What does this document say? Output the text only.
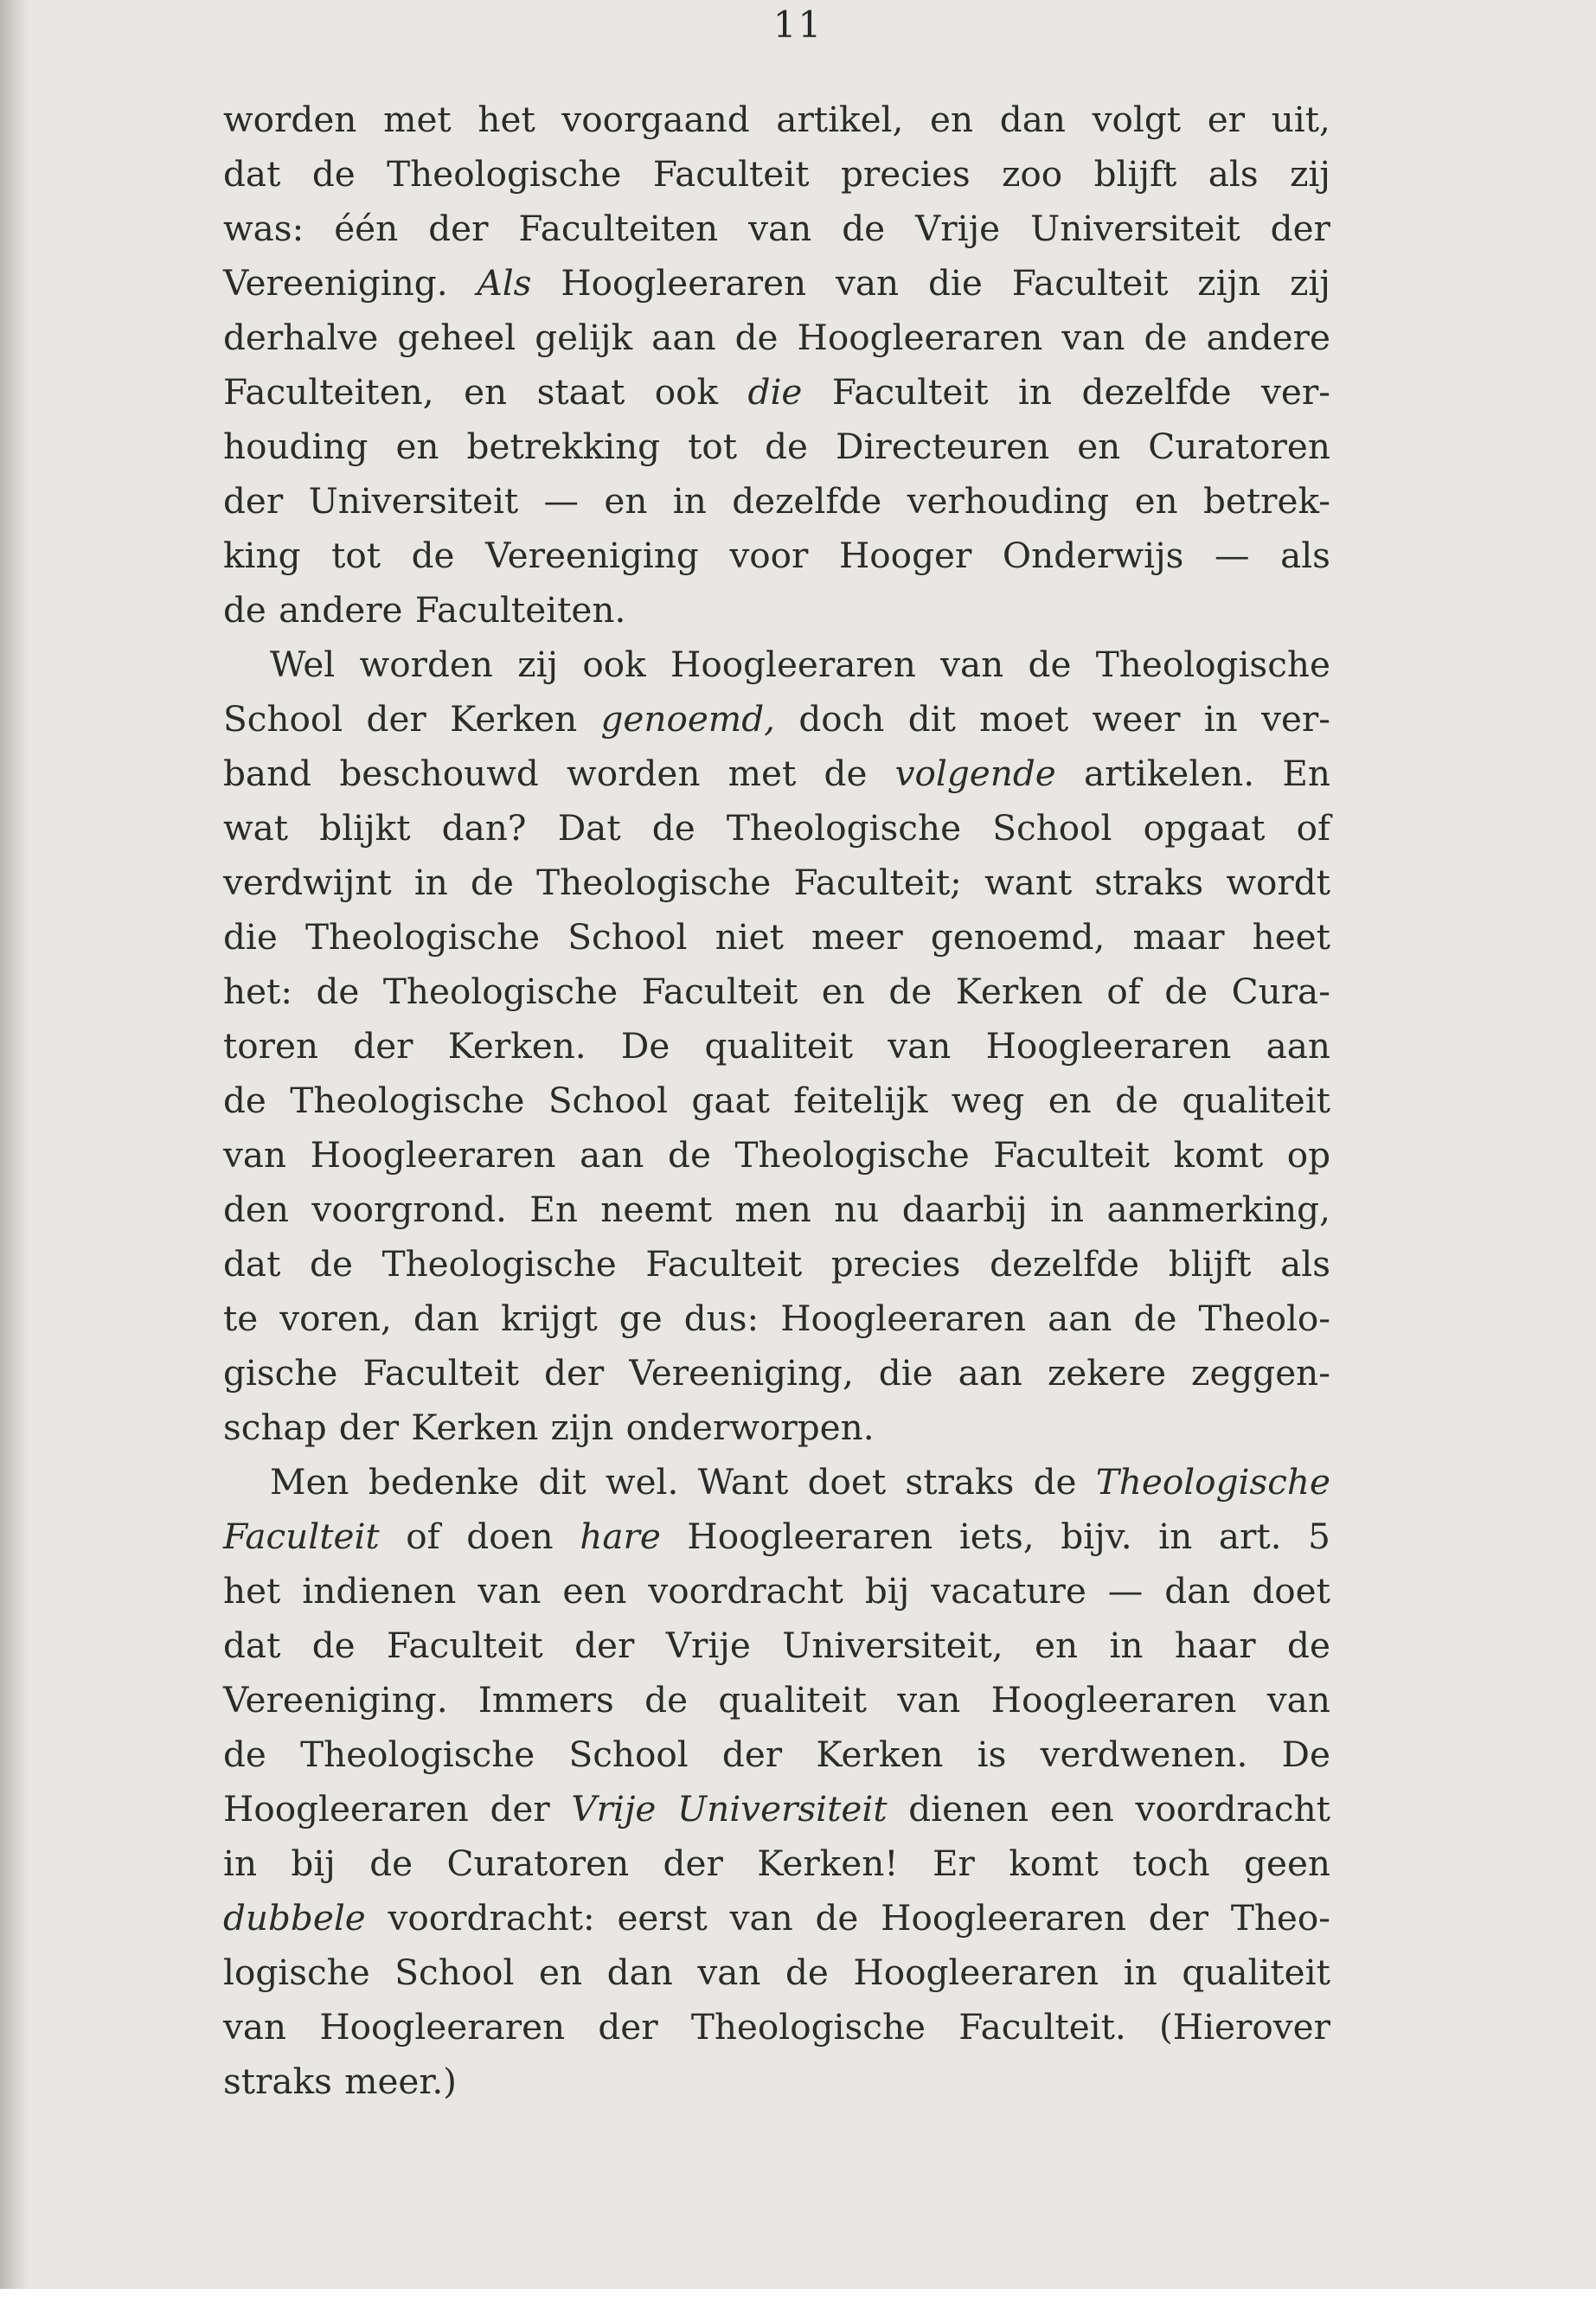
11
worden met het voorgaand artikel, en dan volgt er uit,
dat de Theologische Faculteit precies zoo blijft als zij
was: één der Faculteiten van de Vrije Universiteit der
Vereeniging. Als Hoogleeraren van die Faculteit zijn zij
derhalve geheel gelijk aan de Hoogleeraren van de andere
Faculteiten, en staat ook die Faculteit in dezelfde ver-
houding en betrekking tot de Directeuren en Curatoren
der Universiteit — en in dezelfde verhouding en betrek-
king tot de Vereeniging voor Hooger Onderwijs — als
de andere Faculteiten.
Wel worden zij ook Hoogleeraren van de Theologische
School der Kerken genoemd, doch dit moet weer in ver-
band beschouwd worden met de volgende artikelen. En
wat blijkt dan? Dat de Theologische School opgaat of
verdwijnt in de Theologische Faculteit; want straks wordt
die Theologische School niet meer genoemd, maar heet
het: de Theologische Faculteit en de Kerken of de Cura-
toren der Kerken. De qualiteit van Hoogleeraren aan
de Theologische School gaat feitelijk weg en de qualiteit
van Hoogleeraren aan de Theologische Faculteit komt op
den voorgrond. En neemt men nu daarbij in aanmerking,
dat de Theologische Faculteit precies dezelfde blijft als
te voren, dan krijgt ge dus: Hoogleeraren aan de Theolo-
gische Faculteit der Vereeniging, die aan zekere zeggen-
schap der Kerken zijn onderworpen.
Men bedenke dit wel. Want doet straks de Theologische
Faculteit of doen hare Hoogleeraren iets, bijv. in art. 5
het indienen van een voordracht bij vacature — dan doet
dat de Faculteit der Vrije Universiteit, en in haar de
Vereeniging. Immers de qualiteit van Hoogleeraren van
de Theologische School der Kerken is verdwenen. De
Hoogleeraren der Vrije Universiteit dienen een voordracht
in bij de Curatoren der Kerken! Er komt toch geen
dubbele voordracht: eerst van de Hoogleeraren der Theo-
logische School en dan van de Hoogleeraren in qualiteit
van Hoogleeraren der Theologische Faculteit. (Hierover
straks meer.)
